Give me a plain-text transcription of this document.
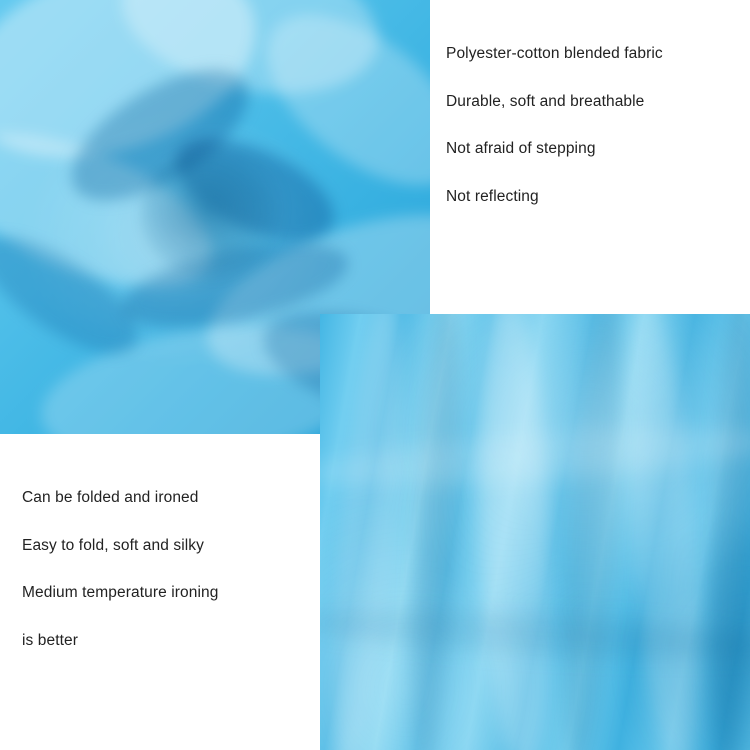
Polyester-cotton blended fabric
Durable, soft and breathable
Not afraid of stepping
Not reflecting
Can be folded and ironed
Easy to fold, soft and silky
Medium temperature ironing
is better
